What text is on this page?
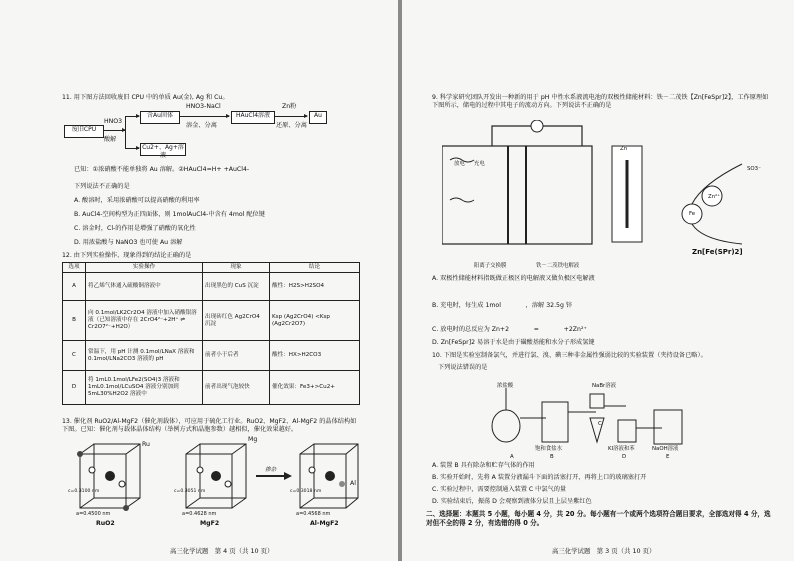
11. 用下图方法回收废旧 CPU 中的单质 Au(金), Ag 和 Cu。
废旧CPU
HNO3
酸解
含Au固体
HNO3-NaCl
溶金、分离
HAuCl4溶液
Zn粉
还原、分离
Au
Cu2+、Ag+溶液
已知：①浓硝酸不能单独将 Au 溶解。②HAuCl4=H+ +AuCl4-
下列说法不正确的是
A. 酸溶时，采用浓硝酸可以提高硝酸的利用率
B. AuCl4-空间构型为正四面体，则 1molAuCl4-中含有 4mol 配位键
C. 溶金时，Cl-的作用是增强了硝酸的氧化性
D. 用浓盐酸与 NaNO3 也可使 Au 溶解
12. 由下列实验操作、现象得到的结论正确的是
选项	实验操作	现象	结论
A	将乙烯气体通入硫酸铜溶液中	出现黑色的 CuS 沉淀	酸性：H2S>H2SO4
B	向 0.1mol/LK2Cr2O4 溶液中加入硝酸银溶液（已知溶液中存在 2CrO4²⁻+2H⁺ ⇌ Cr2O7²⁻+H2O）	出现砖红色 Ag2CrO4 沉淀	Ksp (Ag2CrO4) <Ksp (Ag2Cr2O7)
C	常温下，用 pH 计测 0.1mol/LNaX 溶液和 0.1mol/LNa2CO3 溶液的 pH	前者小于后者	酸性：HX>H2CO3
D	将 1mL0.1mol/LFe2(SO4)3 溶液和 1mL0.1mol/LCuSO4 溶液分别加到 5mL30%H2O2 溶液中	前者出现气泡较快	催化效果：Fe3+>Cu2+
13. 催化剂 RuO2/Al-MgF2（催化剂载体），可应用于硫化工行业。RuO2、MgF2、Al-MgF2 的晶体结构如下图。已知：催化剂与载体晶体结构（举例方式和晶胞参数）越相似，催化效果越好。
Ru
Mg
Al
掺杂
a=0.4500 nm	a=0.4628 nm	a=0.4568 nm
c=0.3100 nm	c=0.3051 nm	c=0.3018 nm
RuO2	MgF2	Al-MgF2
高三化学试题　第 4 页（共 10 页）
9. 科学家研究团队开发出一种新的用于 pH 中性水系液流电池的双极性储能材料：铁－二茂铁【Zn[FeSpr]2】，工作原理如下图所示，储电的过程中其电子的流动方向。下列说法不正确的是
放电 充电
Zn
Fe
Zn²⁺
SO3⁻
Zn[Fe(SPr)2]
阳离子交换膜	铁－二茂铁电解液
A. 双极性储能材料指既做正极区的电解液又做负极区电解液
B. 充电时，每生成 1mol　　　　，溶解 32.5g 锌
C. 放电时的总反应为 Zn+2　　　　=　　　　+2Zn²⁺
D. Zn[FeSpr]2 易溶于水是由于磺酸基能和水分子形成氢键
10. 下图是实验室制备氯气，并进行氯、溴、碘三种非金属性强弱比较的实验装置（夹持设备已略）。
下列说法错误的是
浓盐酸	NaBr溶液
饱和食盐水	KI溶液和苯	NaOH溶液
A	B
C
D	E
A. 装置 B 具有除杂和贮存气体的作用
B. 实验开始时，先将 A 装置分液漏斗下面的活塞打开，再将上口的玻璃塞打开
C. 实验过程中，需要控制通入装置 C 中氯气的量
D. 实验结束后，振荡 D 会观察到液体分层且上层呈紫红色
二、选择题：本题共 5 小题，每小题 4 分，共 20 分。每小题有一个或两个选项符合题目要求，全部选对得 4 分，选对但不全的得 2 分，有选错的得 0 分。
高三化学试题　第 3 页（共 10 页）
